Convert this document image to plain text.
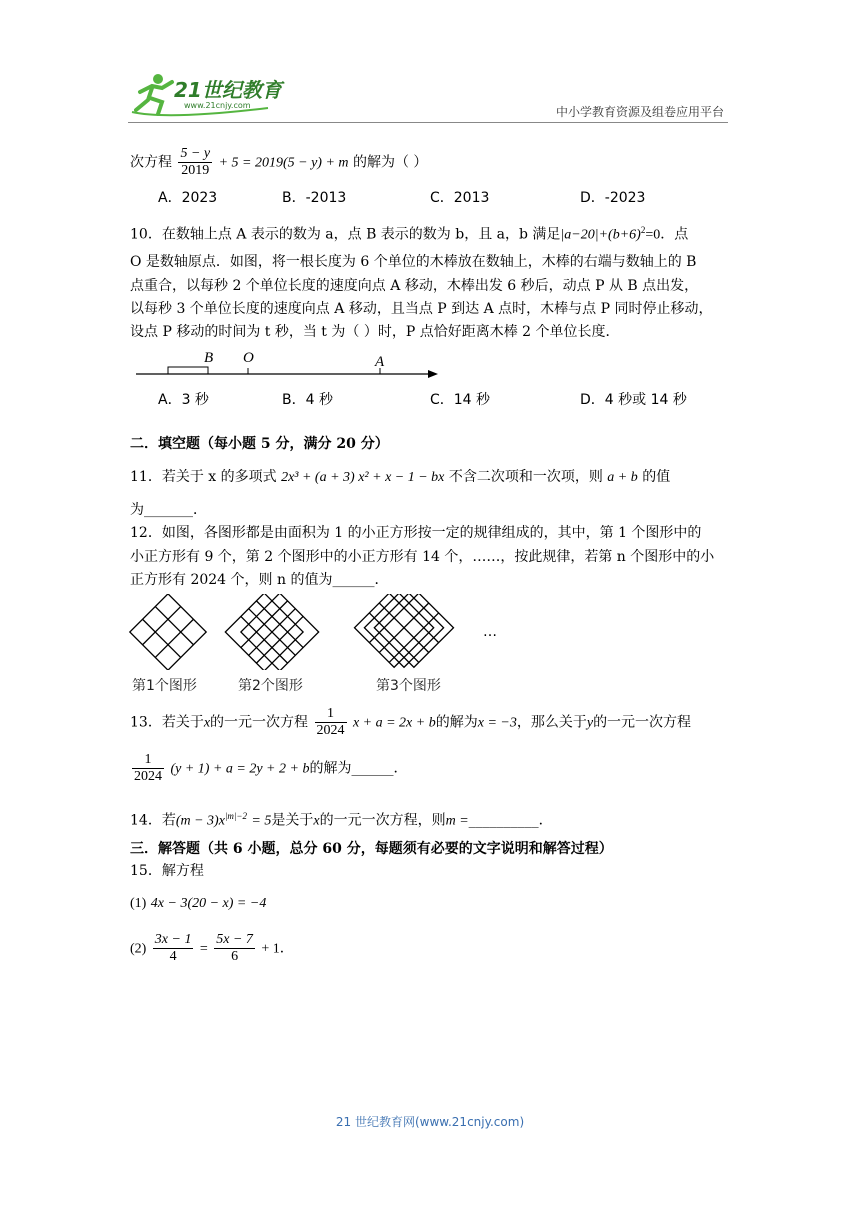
21世纪教育
www.21cnjy.com	中小学教育资源及组卷应用平台
次方程 $\frac{5 - y}{2019} + 5 = 2019(5 - y) + m$ 的解为（ ）
A．2023	B．-2013	C．2013	D．-2023
10．在数轴上点 A 表示的数为 a，点 B 表示的数为 b，且 a，b 满足$|a-20|+(b+6)^2=0$．点
O 是数轴原点．如图，将一根长度为 6 个单位的木棒放在数轴上，木棒的右端与数轴上的 B
点重合，以每秒 2 个单位长度的速度向点 A 移动，木棒出发 6 秒后，动点 P 从 B 点出发，
以每秒 3 个单位长度的速度向点 A 移动，且当点 P 到达 A 点时，木棒与点 P 同时停止移动，
设点 P 移动的时间为 t 秒，当 t 为（ ）时，P 点恰好距离木棒 2 个单位长度．
B O	A
A．3 秒	B．4 秒	C．14 秒	D．4 秒或 14 秒
二．填空题（每小题 5 分，满分 20 分）
11．若关于 x 的多项式 2x³ + (a + 3) x² + x − 1 − bx 不含二次项和一次项，则 a + b 的值
为_______．
12．如图，各图形都是由面积为 1 的小正方形按一定的规律组成的，其中，第 1 个图形中的
小正方形有 9 个，第 2 个图形中的小正方形有 14 个，……，按此规律，若第 n 个图形中的小
正方形有 2024 个，则 n 的值为______．
…
第1个图形	第2个图形	第3个图形
13．若关于x的一元一次方程 $\frac{1}{2024}$ x + a = 2x + b的解为x = −3，那么关于y的一元一次方程
$\frac{1}{2024} (y + 1) + a = 2y + 2 + b$的解为______．
14．若$(m - 3)x^{|m|-2} = 5$是关于x的一元一次方程，则m =__________．
三．解答题（共 6 小题，总分 60 分，每题须有必要的文字说明和解答过程）
15．解方程
(1) 4x − 3(20 − x) = −4
$(2) \frac{3x - 1}{4} = \frac{5x - 7}{6} + 1$．
21 世纪教育网(www.21cnjy.com)
